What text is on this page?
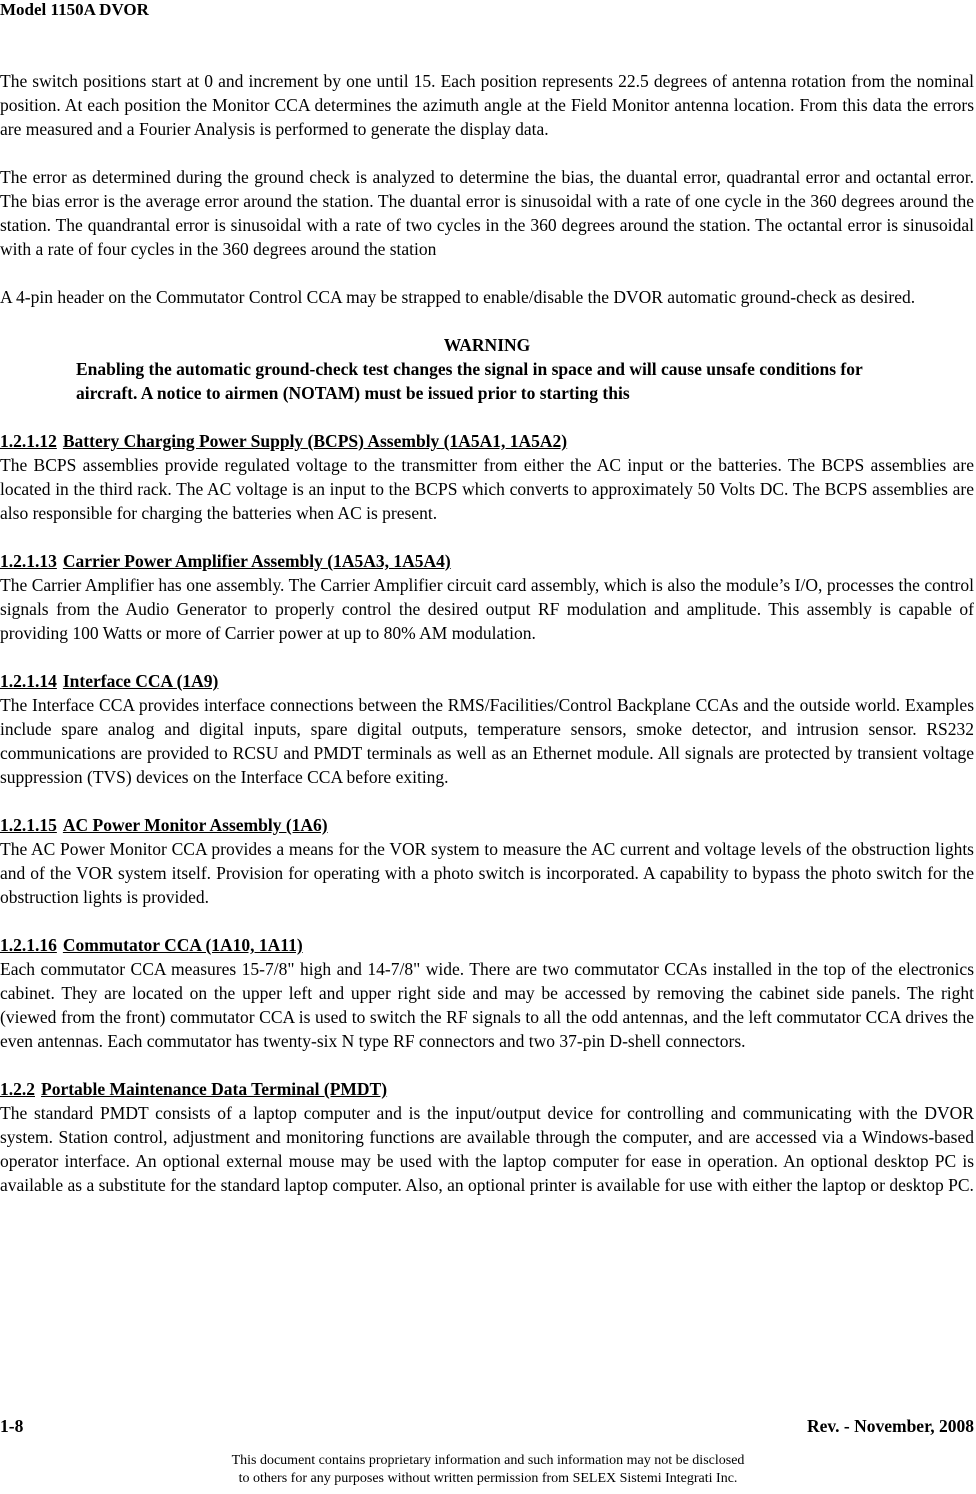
Model 1150A DVOR

The switch positions start at 0 and increment by one until 15. Each position represents 22.5 degrees of antenna rotation from the nominal position. At each position the Monitor CCA determines the azimuth angle at the Field Monitor antenna location. From this data the errors are measured and a Fourier Analysis is performed to generate the display data.

The error as determined during the ground check is analyzed to determine the bias, the duantal error, quadrantal error and octantal error. The bias error is the average error around the station. The duantal error is sinusoidal with a rate of one cycle in the 360 degrees around the station. The quandrantal error is sinusoidal with a rate of two cycles in the 360 degrees around the station. The octantal error is sinusoidal with a rate of four cycles in the 360 degrees around the station

A 4-pin header on the Commutator Control CCA may be strapped to enable/disable the DVOR automatic ground-check as desired.

WARNING

Enabling the automatic ground-check test changes the signal in space and will cause unsafe conditions for aircraft. A notice to airmen (NOTAM) must be issued prior to starting this

1.2.1.12 Battery Charging Power Supply (BCPS) Assembly (1A5A1, 1A5A2)

The BCPS assemblies provide regulated voltage to the transmitter from either the AC input or the batteries. The BCPS assemblies are located in the third rack. The AC voltage is an input to the BCPS which converts to approximately 50 Volts DC. The BCPS assemblies are also responsible for charging the batteries when AC is present.

1.2.1.13 Carrier Power Amplifier Assembly (1A5A3, 1A5A4)

The Carrier Amplifier has one assembly. The Carrier Amplifier circuit card assembly, which is also the module’s I/O, processes the control signals from the Audio Generator to properly control the desired output RF modulation and amplitude. This assembly is capable of providing 100 Watts or more of Carrier power at up to 80% AM modulation.

1.2.1.14 Interface CCA (1A9)

The Interface CCA provides interface connections between the RMS/Facilities/Control Backplane CCAs and the outside world. Examples include spare analog and digital inputs, spare digital outputs, temperature sensors, smoke detector, and intrusion sensor. RS232 communications are provided to RCSU and PMDT terminals as well as an Ethernet module. All signals are protected by transient voltage suppression (TVS) devices on the Interface CCA before exiting.

1.2.1.15 AC Power Monitor Assembly (1A6)

The AC Power Monitor CCA provides a means for the VOR system to measure the AC current and voltage levels of the obstruction lights and of the VOR system itself. Provision for operating with a photo switch is incorporated. A capability to bypass the photo switch for the obstruction lights is provided.

1.2.1.16 Commutator CCA (1A10, 1A11)

Each commutator CCA measures 15-7/8" high and 14-7/8" wide. There are two commutator CCAs installed in the top of the electronics cabinet. They are located on the upper left and upper right side and may be accessed by removing the cabinet side panels. The right (viewed from the front) commutator CCA is used to switch the RF signals to all the odd antennas, and the left commutator CCA drives the even antennas. Each commutator has twenty-six N type RF connectors and two 37-pin D-shell connectors.

1.2.2 Portable Maintenance Data Terminal (PMDT)

The standard PMDT consists of a laptop computer and is the input/output device for controlling and communicating with the DVOR system. Station control, adjustment and monitoring functions are available through the computer, and are accessed via a Windows-based operator interface. An optional external mouse may be used with the laptop computer for ease in operation. An optional desktop PC is available as a substitute for the standard laptop computer. Also, an optional printer is available for use with either the laptop or desktop PC.

1-8	Rev. - November, 2008
This document contains proprietary information and such information may not be disclosed
to others for any purposes without written permission from SELEX Sistemi Integrati Inc.
